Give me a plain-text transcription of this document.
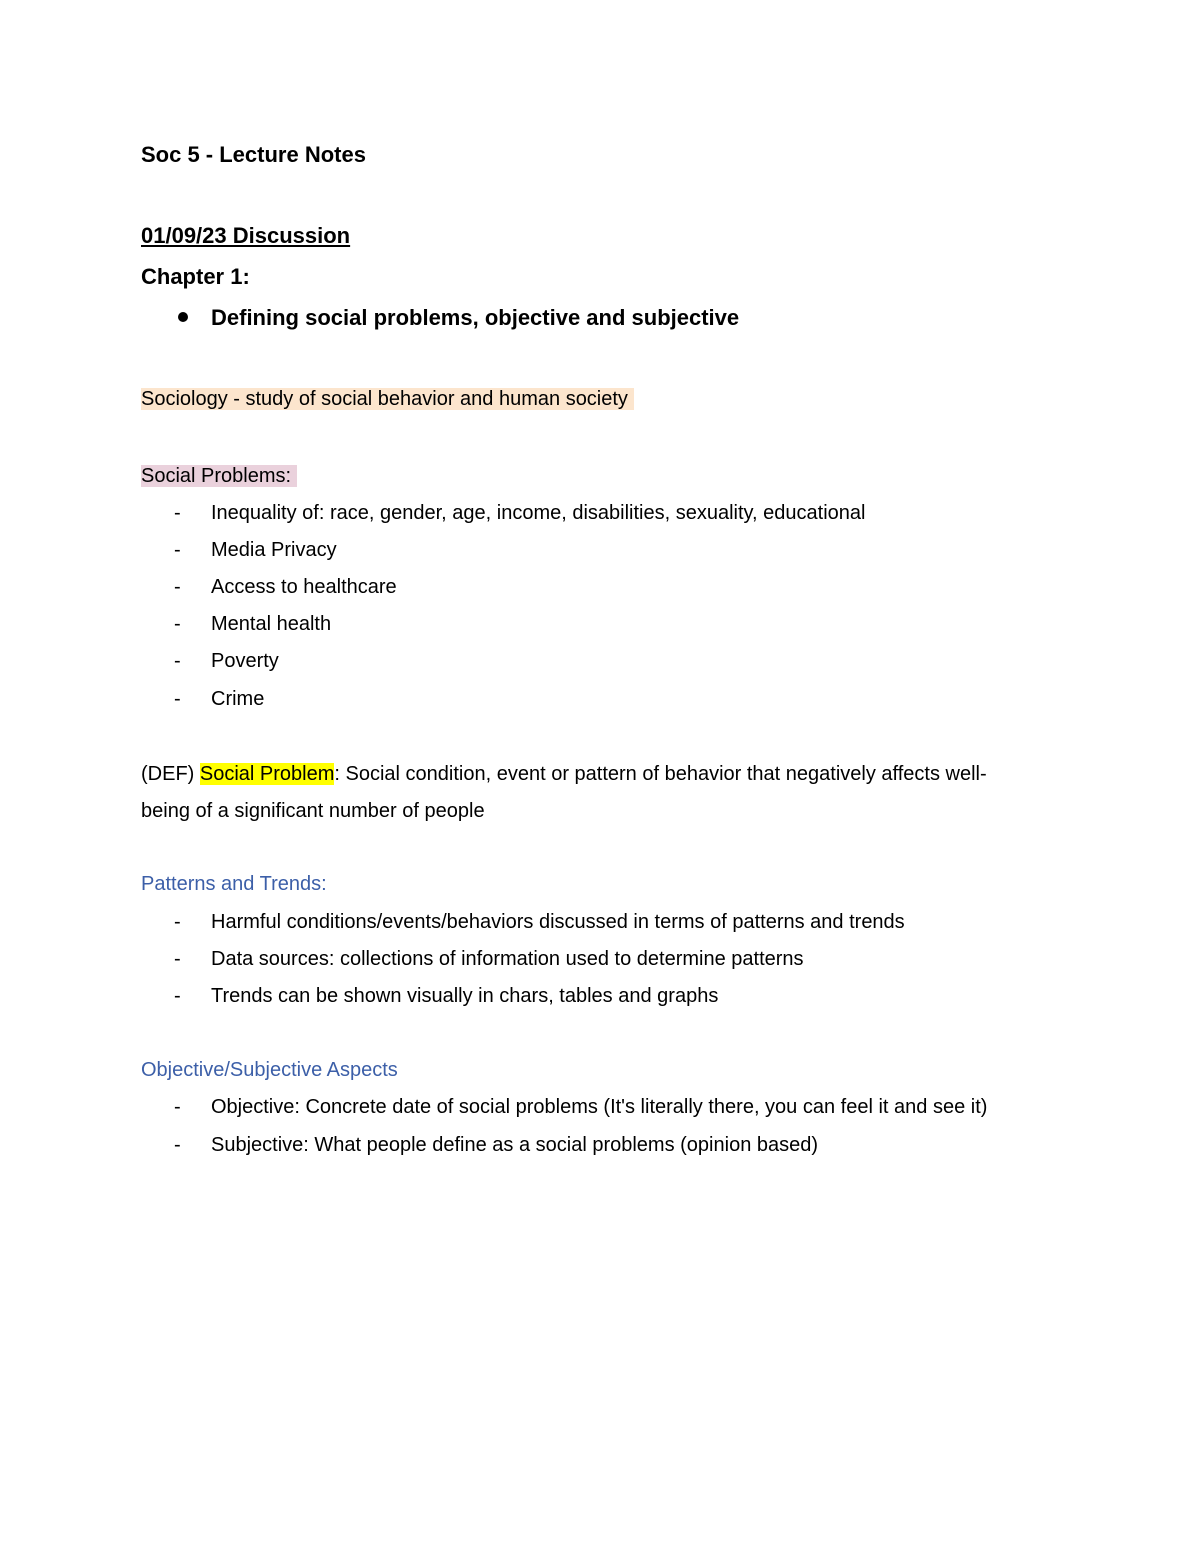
Soc 5 - Lecture Notes
01/09/23 Discussion
Chapter 1:
Defining social problems, objective and subjective
Sociology - study of social behavior and human society
Social Problems:
- Inequality of: race, gender, age, income, disabilities, sexuality, educational
- Media Privacy
- Access to healthcare
- Mental health
- Poverty
- Crime
(DEF) Social Problem: Social condition, event or pattern of behavior that negatively affects well-
being of a significant number of people
Patterns and Trends:
- Harmful conditions/events/behaviors discussed in terms of patterns and trends
- Data sources: collections of information used to determine patterns
- Trends can be shown visually in chars, tables and graphs
Objective/Subjective Aspects
- Objective: Concrete date of social problems (It's literally there, you can feel it and see it)
- Subjective: What people define as a social problems (opinion based)
